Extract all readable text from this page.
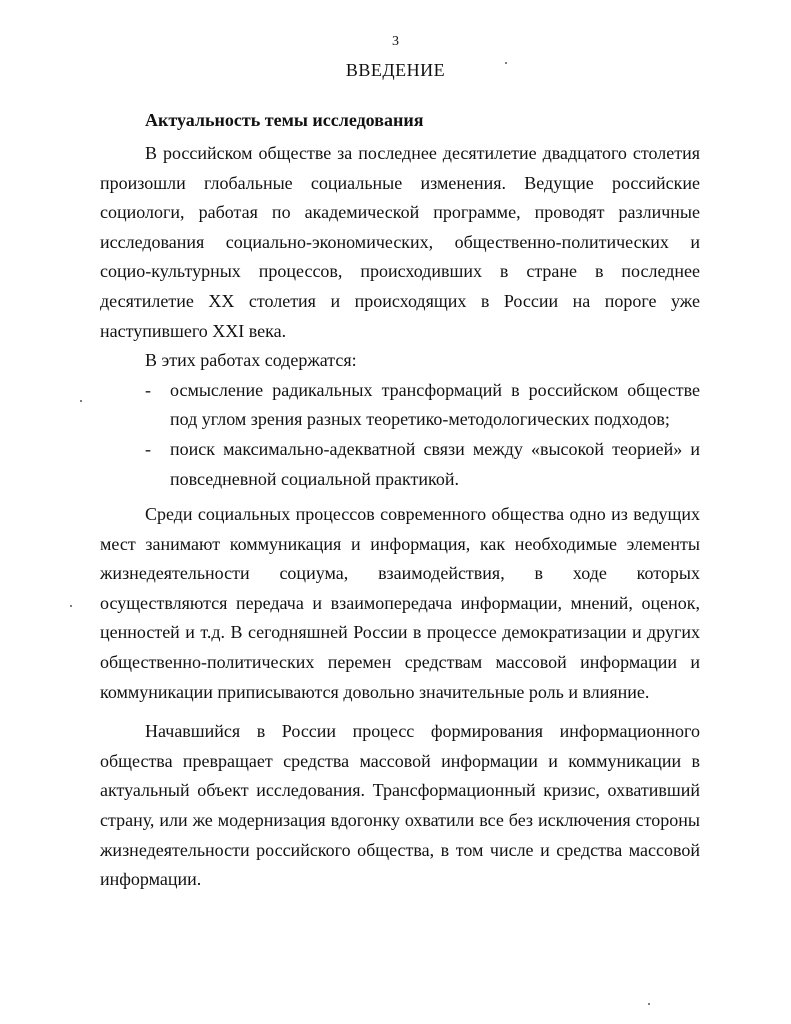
3
ВВЕДЕНИЕ
Актуальность темы исследования

В российском обществе за последнее десятилетие двадцатого столетия произошли глобальные социальные изменения. Ведущие российские социологи, работая по академической программе, проводят различные исследования социально-экономических, общественно-политических и социо-культурных процессов, происходивших в стране в последнее десятилетие XX столетия и происходящих в России на пороге уже наступившего XXI века.

В этих работах содержатся:

- осмысление радикальных трансформаций в российском обществе под углом зрения разных теоретико-методологических подходов;
- поиск максимально-адекватной связи между «высокой теорией» и повседневной социальной практикой.

Среди социальных процессов современного общества одно из ведущих мест занимают коммуникация и информация, как необходимые элементы жизнедеятельности социума, взаимодействия, в ходе которых осуществляются передача и взаимопередача информации, мнений, оценок, ценностей и т.д. В сегодняшней России в процессе демократизации и других общественно-политических перемен средствам массовой информации и коммуникации приписываются довольно значительные роль и влияние.

Начавшийся в России процесс формирования информационного общества превращает средства массовой информации и коммуникации в актуальный объект исследования. Трансформационный кризис, охвативший страну, или же модернизация вдогонку охватили все без исключения стороны жизнедеятельности российского общества, в том числе и средства массовой информации.
